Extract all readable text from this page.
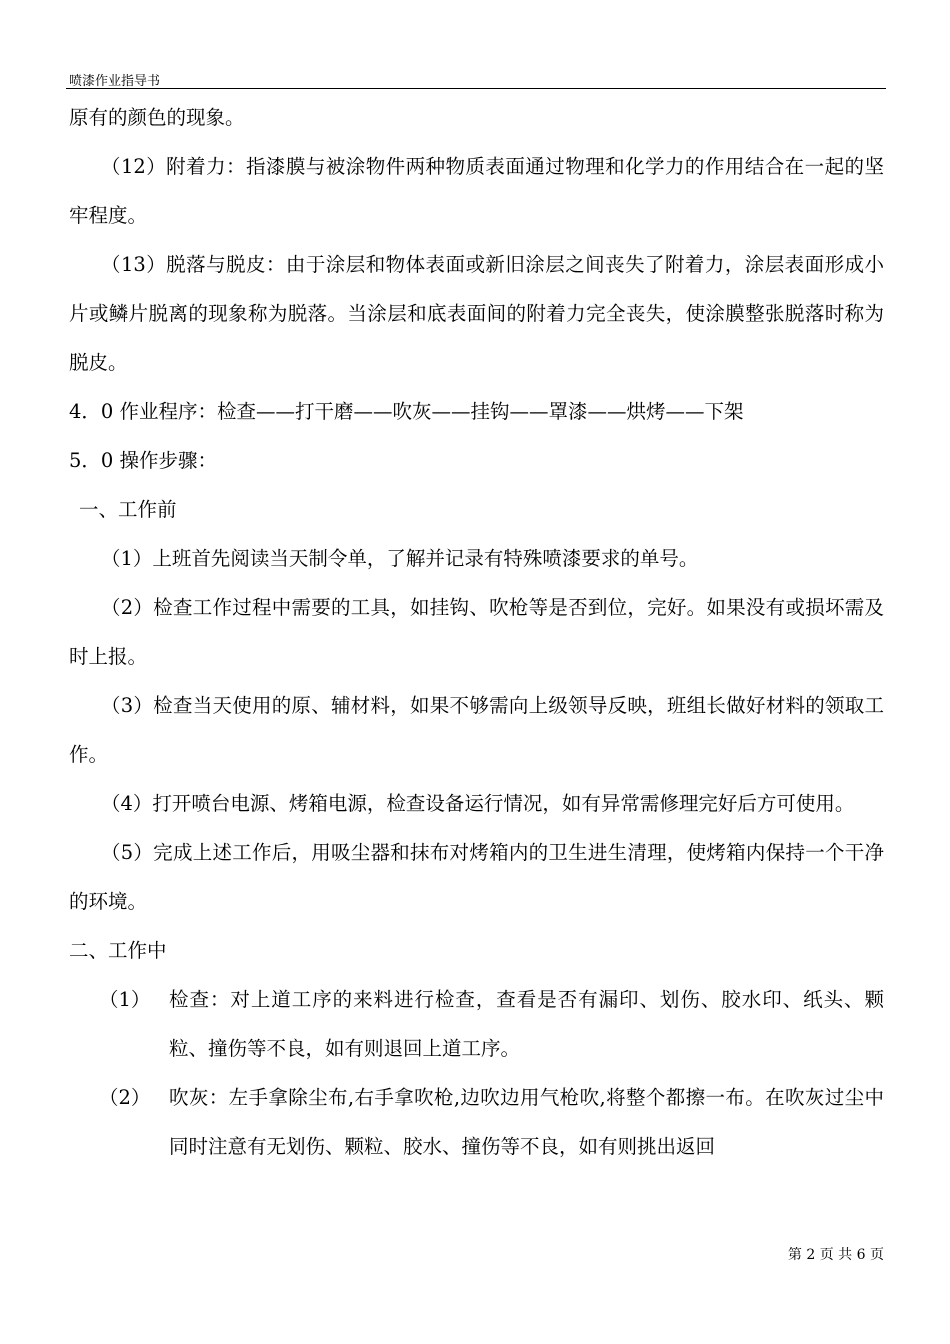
喷漆作业指导书

原有的颜色的现象。

（12）附着力：指漆膜与被涂物件两种物质表面通过物理和化学力的作用结合在一起的坚牢程度。

（13）脱落与脱皮：由于涂层和物体表面或新旧涂层之间丧失了附着力，涂层表面形成小片或鳞片脱离的现象称为脱落。当涂层和底表面间的附着力完全丧失，使涂膜整张脱落时称为脱皮。

4．0 作业程序：检查——打干磨——吹灰——挂钩——罩漆——烘烤——下架

5．0 操作步骤：

一、工作前

（1）上班首先阅读当天制令单，了解并记录有特殊喷漆要求的单号。

（2）检查工作过程中需要的工具，如挂钩、吹枪等是否到位，完好。如果没有或损坏需及时上报。

（3）检查当天使用的原、辅材料，如果不够需向上级领导反映，班组长做好材料的领取工作。

（4）打开喷台电源、烤箱电源，检查设备运行情况，如有异常需修理完好后方可使用。

（5）完成上述工作后，用吸尘器和抹布对烤箱内的卫生进生清理，使烤箱内保持一个干净的环境。

二、工作中

（1） 检查：对上道工序的来料进行检查，查看是否有漏印、划伤、胶水印、纸头、颗粒、撞伤等不良，如有则退回上道工序。
（2） 吹灰：左手拿除尘布,右手拿吹枪,边吹边用气枪吹,将整个都擦一布。在吹灰过尘中同时注意有无划伤、颗粒、胶水、撞伤等不良，如有则挑出返回
第 2 页 共 6 页
